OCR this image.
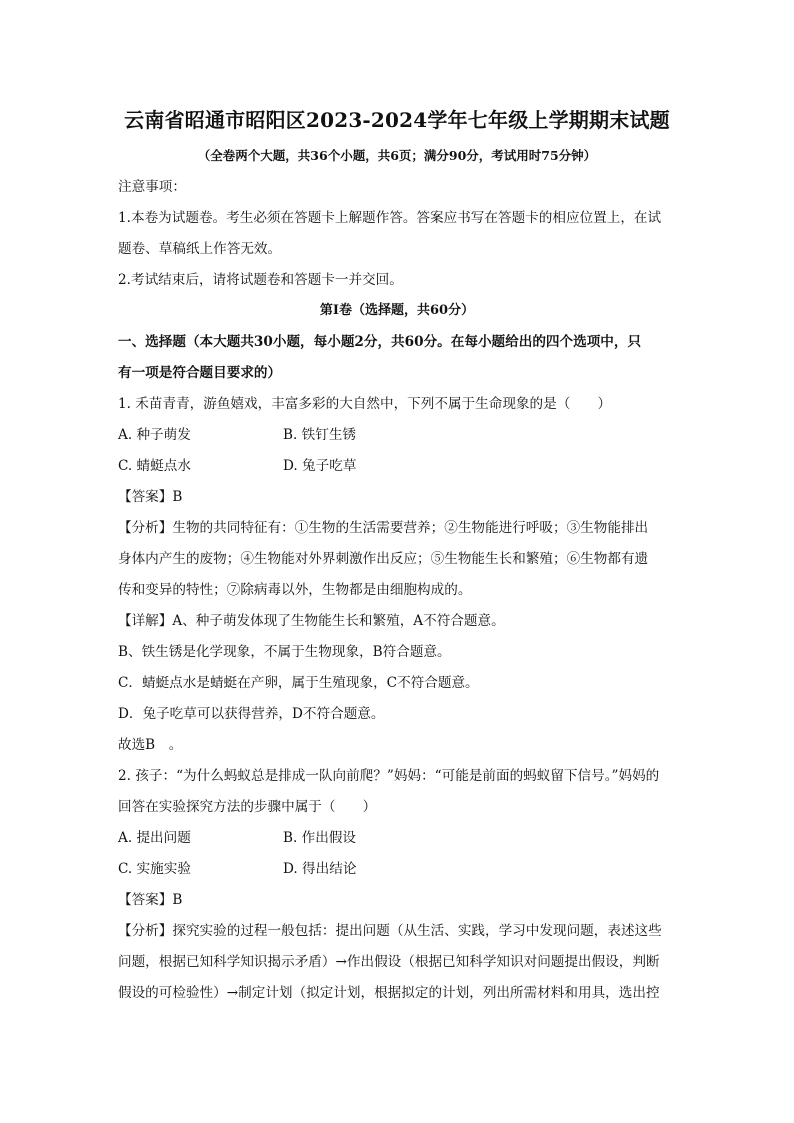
云南省昭通市昭阳区2023-2024学年七年级上学期期末试题
（全卷两个大题，共36个小题，共6页；满分90分，考试用时75分钟）
注意事项：
1.本卷为试题卷。考生必须在答题卡上解题作答。答案应书写在答题卡的相应位置上，在试
题卷、草稿纸上作答无效。
2.考试结束后，请将试题卷和答题卡一并交回。
第Ⅰ卷（选择题，共60分）
一、选择题（本大题共30小题，每小题2分，共60分。在每小题给出的四个选项中，只
有一项是符合题目要求的）
1. 禾苗青青，游鱼嬉戏，丰富多彩的大自然中，下列不属于生命现象的是（　　）
A. 种子萌发	B. 铁钉生锈
C. 蜻蜓点水	D. 兔子吃草
【答案】B
【分析】生物的共同特征有：①生物的生活需要营养；②生物能进行呼吸；③生物能排出
身体内产生的废物；④生物能对外界刺激作出反应；⑤生物能生长和繁殖；⑥生物都有遗
传和变异的特性；⑦除病毒以外，生物都是由细胞构成的。
【详解】A、种子萌发体现了生物能生长和繁殖，A不符合题意。
B、铁生锈是化学现象，不属于生物现象，B符合题意。
C．蜻蜓点水是蜻蜓在产卵，属于生殖现象，C不符合题意。
D．兔子吃草可以获得营养，D不符合题意。
故选B　。
2. 孩子：“为什么蚂蚁总是排成一队向前爬？”妈妈：“可能是前面的蚂蚁留下信号。”妈妈的
回答在实验探究方法的步骤中属于（　　）
A. 提出问题	B. 作出假设
C. 实施实验	D. 得出结论
【答案】B
【分析】探究实验的过程一般包括：提出问题（从生活、实践，学习中发现问题，表述这些
问题，根据已知科学知识揭示矛盾）→作出假设（根据已知科学知识对问题提出假设，判断
假设的可检验性）→制定计划（拟定计划，根据拟定的计划，列出所需材料和用具，选出控
